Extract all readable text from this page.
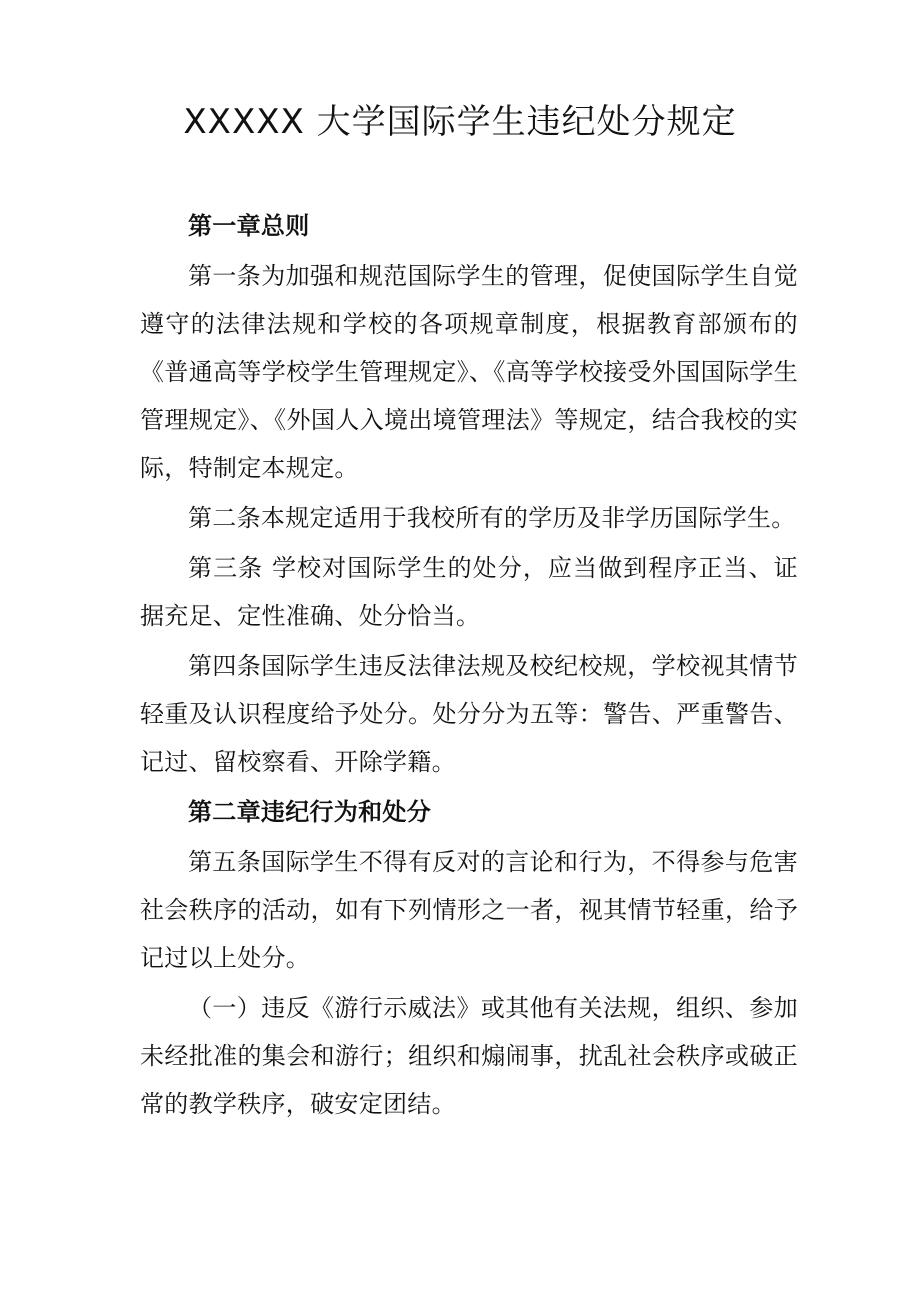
XXXXX 大学国际学生违纪处分规定

第一章总则

第一条为加强和规范国际学生的管理，促使国际学生自觉遵守的法律法规和学校的各项规章制度，根据教育部颁布的《普通高等学校学生管理规定》、《高等学校接受外国国际学生管理规定》、《外国人入境出境管理法》等规定，结合我校的实际，特制定本规定。

第二条本规定适用于我校所有的学历及非学历国际学生。

第三条 学校对国际学生的处分，应当做到程序正当、证据充足、定性准确、处分恰当。

第四条国际学生违反法律法规及校纪校规，学校视其情节轻重及认识程度给予处分。处分分为五等：警告、严重警告、记过、留校察看、开除学籍。

第二章违纪行为和处分

第五条国际学生不得有反对的言论和行为，不得参与危害社会秩序的活动，如有下列情形之一者，视其情节轻重，给予记过以上处分。

（一）违反《游行示威法》或其他有关法规，组织、参加未经批准的集会和游行；组织和煽闹事，扰乱社会秩序或破正常的教学秩序，破安定团结。
